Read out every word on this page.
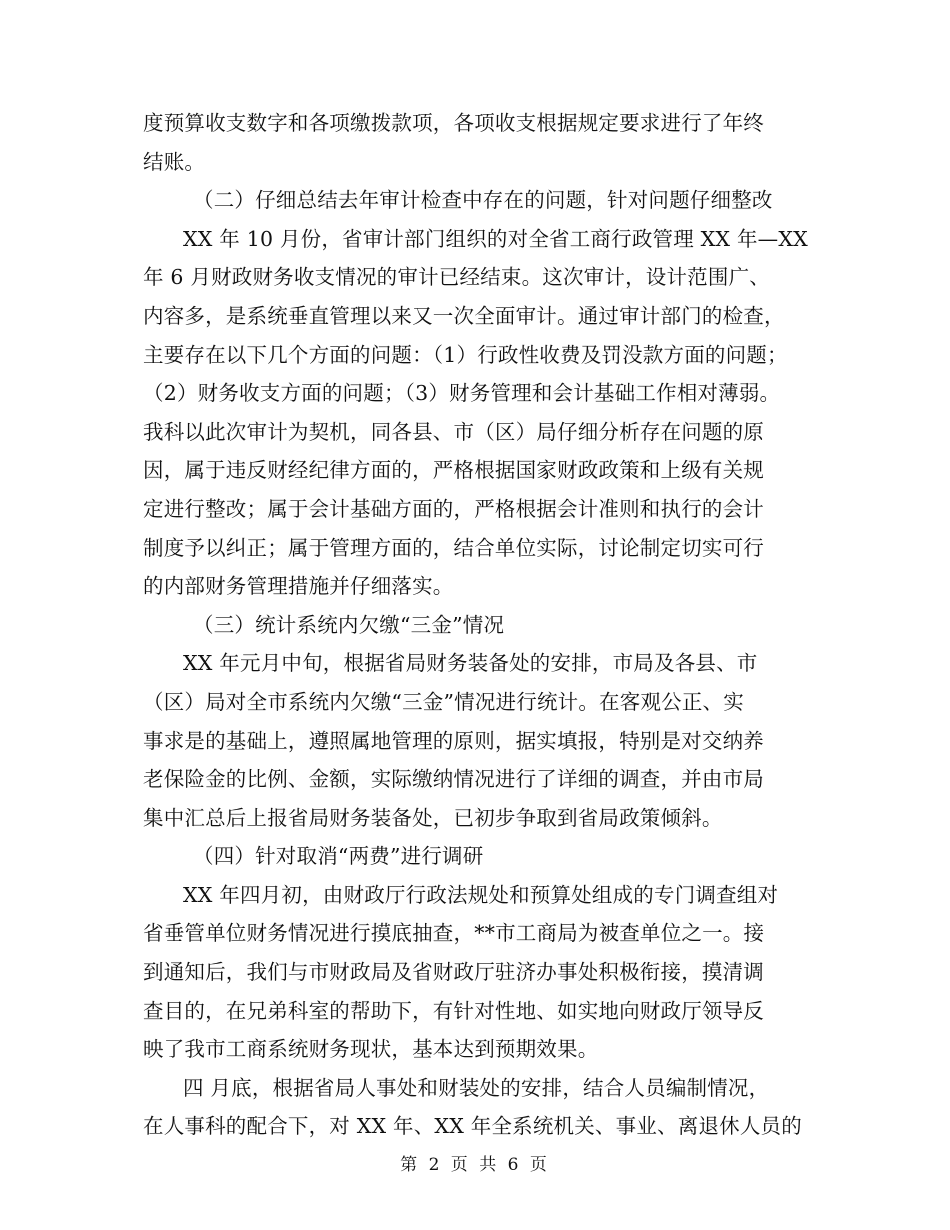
度预算收支数字和各项缴拨款项，各项收支根据规定要求进行了年终
结账。
（二）仔细总结去年审计检查中存在的问题，针对问题仔细整改
XX 年 10 月份，省审计部门组织的对全省工商行政管理 XX 年—XX
年 6 月财政财务收支情况的审计已经结束。这次审计，设计范围广、
内容多，是系统垂直管理以来又一次全面审计。通过审计部门的检查，
主要存在以下几个方面的问题：（1）行政性收费及罚没款方面的问题；
（2）财务收支方面的问题；（3）财务管理和会计基础工作相对薄弱。
我科以此次审计为契机，同各县、市（区）局仔细分析存在问题的原
因，属于违反财经纪律方面的，严格根据国家财政政策和上级有关规
定进行整改；属于会计基础方面的，严格根据会计准则和执行的会计
制度予以纠正；属于管理方面的，结合单位实际，讨论制定切实可行
的内部财务管理措施并仔细落实。
（三）统计系统内欠缴“三金”情况
XX 年元月中旬，根据省局财务装备处的安排，市局及各县、市
（区）局对全市系统内欠缴“三金”情况进行统计。在客观公正、实
事求是的基础上，遵照属地管理的原则，据实填报，特别是对交纳养
老保险金的比例、金额，实际缴纳情况进行了详细的调查，并由市局
集中汇总后上报省局财务装备处，已初步争取到省局政策倾斜。
（四）针对取消“两费”进行调研
XX 年四月初，由财政厅行政法规处和预算处组成的专门调查组对
省垂管单位财务情况进行摸底抽查，**市工商局为被查单位之一。接
到通知后，我们与市财政局及省财政厅驻济办事处积极衔接，摸清调
查目的，在兄弟科室的帮助下，有针对性地、如实地向财政厅领导反
映了我市工商系统财务现状，基本达到预期效果。
四 月底，根据省局人事处和财装处的安排，结合人员编制情况，
在人事科的配合下，对 XX 年、XX 年全系统机关、事业、离退休人员的
第 2 页 共 6 页
